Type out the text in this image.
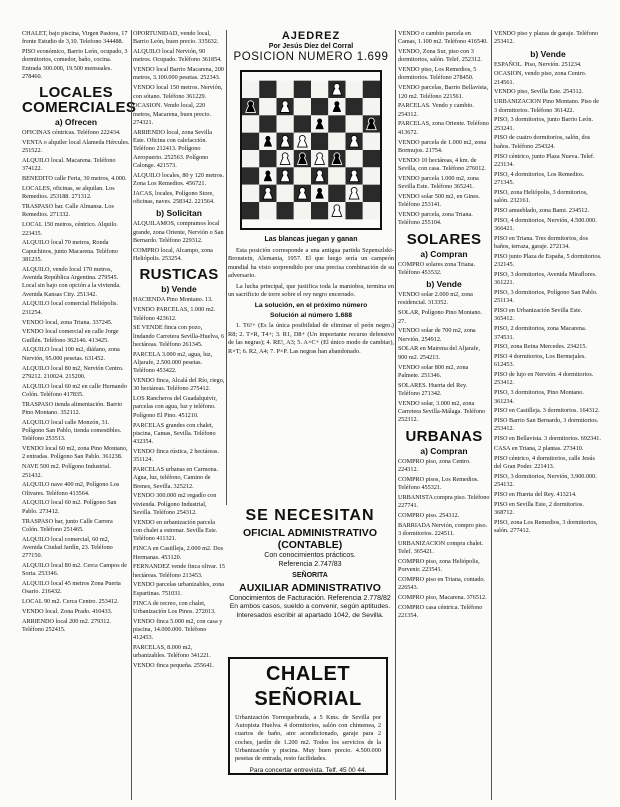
CHALET, bajo piscina, Virgen Pastora, 17 frente Estudio de 3,10. Telefono 344488.

PISO económico, Barrio León, ocupado, 3 dormitorios, comedor, baño, cocina. Entrada 300.000, 19.500 mensuales. 278460.

LOCALES COMERCIALES
a) Ofrecen

OFICINAS céntricas. Teléfono 222434.

VENTA o alquiler local Alameda Hércules. 251522.

ALQUILO local. Macarena. Teléfono 374122.

BENEDITO calle Feria, 30 metros, 4.000.

LOCALES, oficinas, se alquilan. Los Remedios. 253188. 271312.

TRASPASO bar. Calle Almansa. Los Remedios. 271332.

LOCAL 150 metros, céntrico. Alquilo. 223435.

ALQUILO local 70 metros, Ronda Capuchinos, junto Macarena. Teléfono 381235.

ALQUILO, vendo local 170 metros, Avenida República Argentina. 279545. Local sin bajo con opción a la vivienda. Avenida Kansas City. 251342.

ALQUILO local comercial Heliópolis. 231254.

VENDO local, zona Triana. 337245.

VENDO local comercial en calle Jorge Guillén. Teléfono 362146. 413425.

ALQUILO local 100 m2, diáfano, zona Nervión, 95.000 pesetas. 631452.

ALQUILO local 80 m2, Nervión Centro. 279212. 210024. 215200.

ALQUILO local 60 m2 en calle Hernando Colón. Teléfono 417835.

TRASPASO tienda alimentación. Barrio Pino Montano. 352112.

ALQUILO local calle Monzón, 31. Polígono San Pablo, tienda comestibles. Teléfono 253513.

VENDO local 60 m2, zona Pino Montano, 2 entradas. Polígono San Pablo. 361238.

NAVE 500 m2. Polígono Industrial. 251432.

ALQUILO nave 400 m2, Polígono Los Olivares. Teléfono 413564.

ALQUILO local 60 m2. Polígono San Pablo. 273412.

TRASPASO bar, junto Calle Carrera Colón. Teléfono 251465.

ALQUILO local comercial, 60 m2, Avenida Ciudad Jardín, 23. Teléfono 277150.

ALQUILO local 80 m2. Cerca Campos de Soria. 253346.

ALQUILO local 45 metros Zona Puerta Osario. 216432.

LOCAL 90 m2. Cerca Centro. 253412.

VENDO local. Zona Prado. 410433.

ARRIENDO local 200 m2. 279312. Teléfono 252415.

OPORTUNIDAD, vendo local, Barrio León, buen precio. 335632.

ALQUILO local Nervión, 90 metros. Ocupado. Teléfono 361854.

VENDO local Barrio Macarena, 200 metros, 3.100.000 pesetas. 252343.

VENDO local 150 metros. Nervión, con sótano. Teléfono 361229.

OCASION. Vendo local, 220 metros, Macarena, buen precio. 274321.

ARRIENDO local, zona Sevilla Este. Oficina con calefacción. Teléfono 212413. Polígono Aeropuerto. 252563. Polígono Calonge. 421573.

ALQUILO locales, 80 y 120 metros. Zona Los Remedios. 456721.

JACAS, locales, Polígono Store, oficinas, naves. 258342. 221564.

b) Solicitan

ALQUILAMOS, compramos local grande, zona Oriente, Nervión o San Bernardo. Teléfono 229312.

COMPRO local, Alcampo, zona Heliópolis. 253254.

RUSTICAS
b) Vende

HACIENDA Pino Montano. 13.

VENDO PARCELAS, 1.000 m2. Teléfono 423612.

SE VENDE finca con pozo, lindando Carretera Sevilla-Huelva, 6 hectáreas. Teléfono 261345.

PARCELA 3.000 m2, agua, luz, Aljarafe, 2.500.000 pesetas. Teléfono 453422.

VENDO finca, Alcalá del Río, riego, 30 hectáreas. Teléfono 275412.

LOS Rancheros del Guadalquivir, parcelas con agua, luz y teléfono. Polígono El Pino. 451210.

PARCELAS grandes con chalet, piscina, Camas, Sevilla. Teléfono 432354.

VENDO finca rústica, 2 hectáreas. 351124.

PARCELAS urbanas en Carmona. Agua, luz, teléfono, Camino de Brenes, Sevilla. 325212.

VENDO 300.000 m2 regadío con vivienda. Polígono Industrial, Sevilla. Teléfono 254312.

VENDO en urbanización parcela con chalet a estrenar. Sevilla Este. Teléfono 411321.

FINCA en Castilleja, 2.000 m2. Dos Hermanas. 453120.

FERNANDEZ vende finca olivar. 15 hectáreas. Teléfono 213453.

VENDO parcelas urbanizables, zona Espartinas. 751031.

FINCA de recreo, con chalet, Urbanización Los Pinos. 272013.

VENDO finca 5.000 m2, con casa y piscina, 14.000.000. Teléfono 412453.

PARCELAS, 8.000 m2, urbanizables. Teléfono 341221.

VENDO finca pequeña. 255641.

AJEDREZ
Por Jesús Díez del Corral
POSICION NUMERO 1.699
Las blancas juegan y ganan

Esta posición corresponde a una antigua partida Szpenszlski-Bronstein, Alemania, 1957. El que luego sería un campeón mundial ha visto sorprendido por una precisa combinación de su adversario.

La lucha principal, que justifica toda la maniobra, termina en un sacrificio de torre sobre el rey negro encerrado.

La solución, en el próximo número
Solución al número 1.688

1. T6!+ (Es la única posibilidad de eliminar el peón negro.) R8; 2. T×R, T4+; 3. R1, D8+ (Un importante recurso defensivo de las negras); 4. RE!, A3; 5. A×C+ (El único modo de cambiar), R×T; 6. R2, A4; 7. P×P. Las negras han abandonado.

SE NECESITAN
OFICIAL ADMINISTRATIVO (CONTABLE)
Con conocimientos prácticos.
Referencia 2.747/83
SEÑORITA
AUXILIAR ADMINISTRATIVO
Conocimientos de Facturación. Referencia 2.778/82
En ambos casos, sueldo a convenir, según aptitudes. Interesados escribir al apartado 1042, de Sevilla.
CHALET SEÑORIAL
Urbanización Torrequebrada, a 5 Kms. de Sevilla por Autopista Huelva. 4 dormitorios, salón con chimenea, 2 cuartos de baño, aire acondicionado, garaje para 2 coches, jardín de 1.200 m2. Todos los servicios de la Urbanización y piscina. Muy buen precio. 4.500.000 pesetas de entrada, resto facilidades.
Para concertar entrevista. Telf. 45 00 44.

VENDO o cambio parcela en Camas, 1.100 m2. Teléfono 416540.

VENDO, Zona Sur, piso con 3 dormitorios, salón. Telef. 252312.

VENDO piso, Los Remedios, 5 dormitorios. Teléfono 278450.

VENDO parcelas, Barrio Bellavista, 120 m2. Teléfono 221561.

PARCELAS. Vendo y cambio. 254312.

PARCELAS, zona Oriente. Teléfono 413672.

VENDO parcela de 1.000 m2, zona Bormujos. 21754.

VENDO 10 hectáreas, 4 km. de Sevilla, con casa. Teléfono 276012.

VENDO parcela 1.000 m2, zona Sevilla Este. Teléfono 365241.

VENDO solar 500 m2, en Gines. Teléfono 253141.

VENDO parcela, zona Triana. Teléfono 255104.

SOLARES
a) Compran

COMPRO solares zona Triana. Teléfono 453532.

b) Vende

VENDO solar 2.000 m2, zona residencial. 313352.

SOLAR, Polígono Pino Montano. 27.

VENDO solar de 700 m2, zona Nervión. 254912.

SOLAR en Mairena del Aljarafe, 900 m2. 254213.

VENDO solar 800 m2, zona Palmete. 251346.

SOLARES. Huerta del Rey. Teléfono 271342.

VENDO solar, 3.000 m2, zona Carretera Sevilla-Málaga. Teléfono 252312.

URBANAS
a) Compran

COMPRO piso, zona Centro. 224312.

COMPRO pisos, Los Remedios. Teléfono 455321.

URBANISTA compra piso. Teléfono 227741.

COMPRO piso. 254312.

BARRIADA Nervión, compro piso. 3 dormitorios. 224511.

URBANIZACION compra chalet. Telef. 365421.

COMPRO piso, zona Heliópolis, Porvenir. 223541.

COMPRO piso en Triana, contado. 226543.

COMPRO piso, Macarena. 376512.

COMPRO casa céntrica. Teléfono 221354.

VENDO piso y plazas de garaje. Teléfono 253412.

b) Vende

ESPAÑOL. Piso, Nervión. 251234.

OCASION, vendo piso, zona Centro. 214561.

VENDO piso, Sevilla Este. 254312.

URBANIZACION Pino Montano. Piso de 3 dormitorios. Teléfono 361422.

PISO, 3 dormitorios, junto Barrio León. 253241.

PISO de cuatro dormitorios, salón, dos baños. Teléfono 254324.

PISO céntrico, junto Plaza Nueva. Telef. 223134.

PISO, 4 dormitorios, Los Remedios. 271345.

PISO, zona Heliópolis, 3 dormitorios, salón. 232161.

PISO amueblado, zona Bami. 234512.

PISO, 4 dormitorios, Nervión, 4.500.000. 366421.

PISO en Triana. Tres dormitorios, dos baños, terraza, garaje. 272134.

PISO junto Plaza de España, 5 dormitorios. 232145.

PISO, 3 dormitorios, Avenida Miraflores. 361221.

PISO, 3 dormitorios, Polígono San Pablo. 251134.

PISO en Urbanización Sevilla Este. 365412.

PISO, 2 dormitorios, zona Macarena. 374531.

PISO, zona Reina Mercedes. 234215.

PISO 4 dormitorios, Los Bermejales. 612453.

PISO de lujo en Nervión. 4 dormitorios. 253412.

PISO, 3 dormitorios, Pino Montano. 361234.

PISO en Castilleja. 3 dormitorios. 164312.

PISO Barrio San Bernardo, 3 dormitorios. 253412.

PISO en Bellavista. 3 dormitorios. 692341.

CASA en Triana, 2 plantas. 273410.

PISO céntrico, 4 dormitorios, calle Jesús del Gran Poder. 221413.

PISO, 3 dormitorios, Nervión, 3.900.000. 254132.

PISO en Huerta del Rey. 413214.

PISO en Sevilla Este, 2 dormitorios. 368712.

PISO, zona Los Remedios, 3 dormitorios, salón. 277412.
